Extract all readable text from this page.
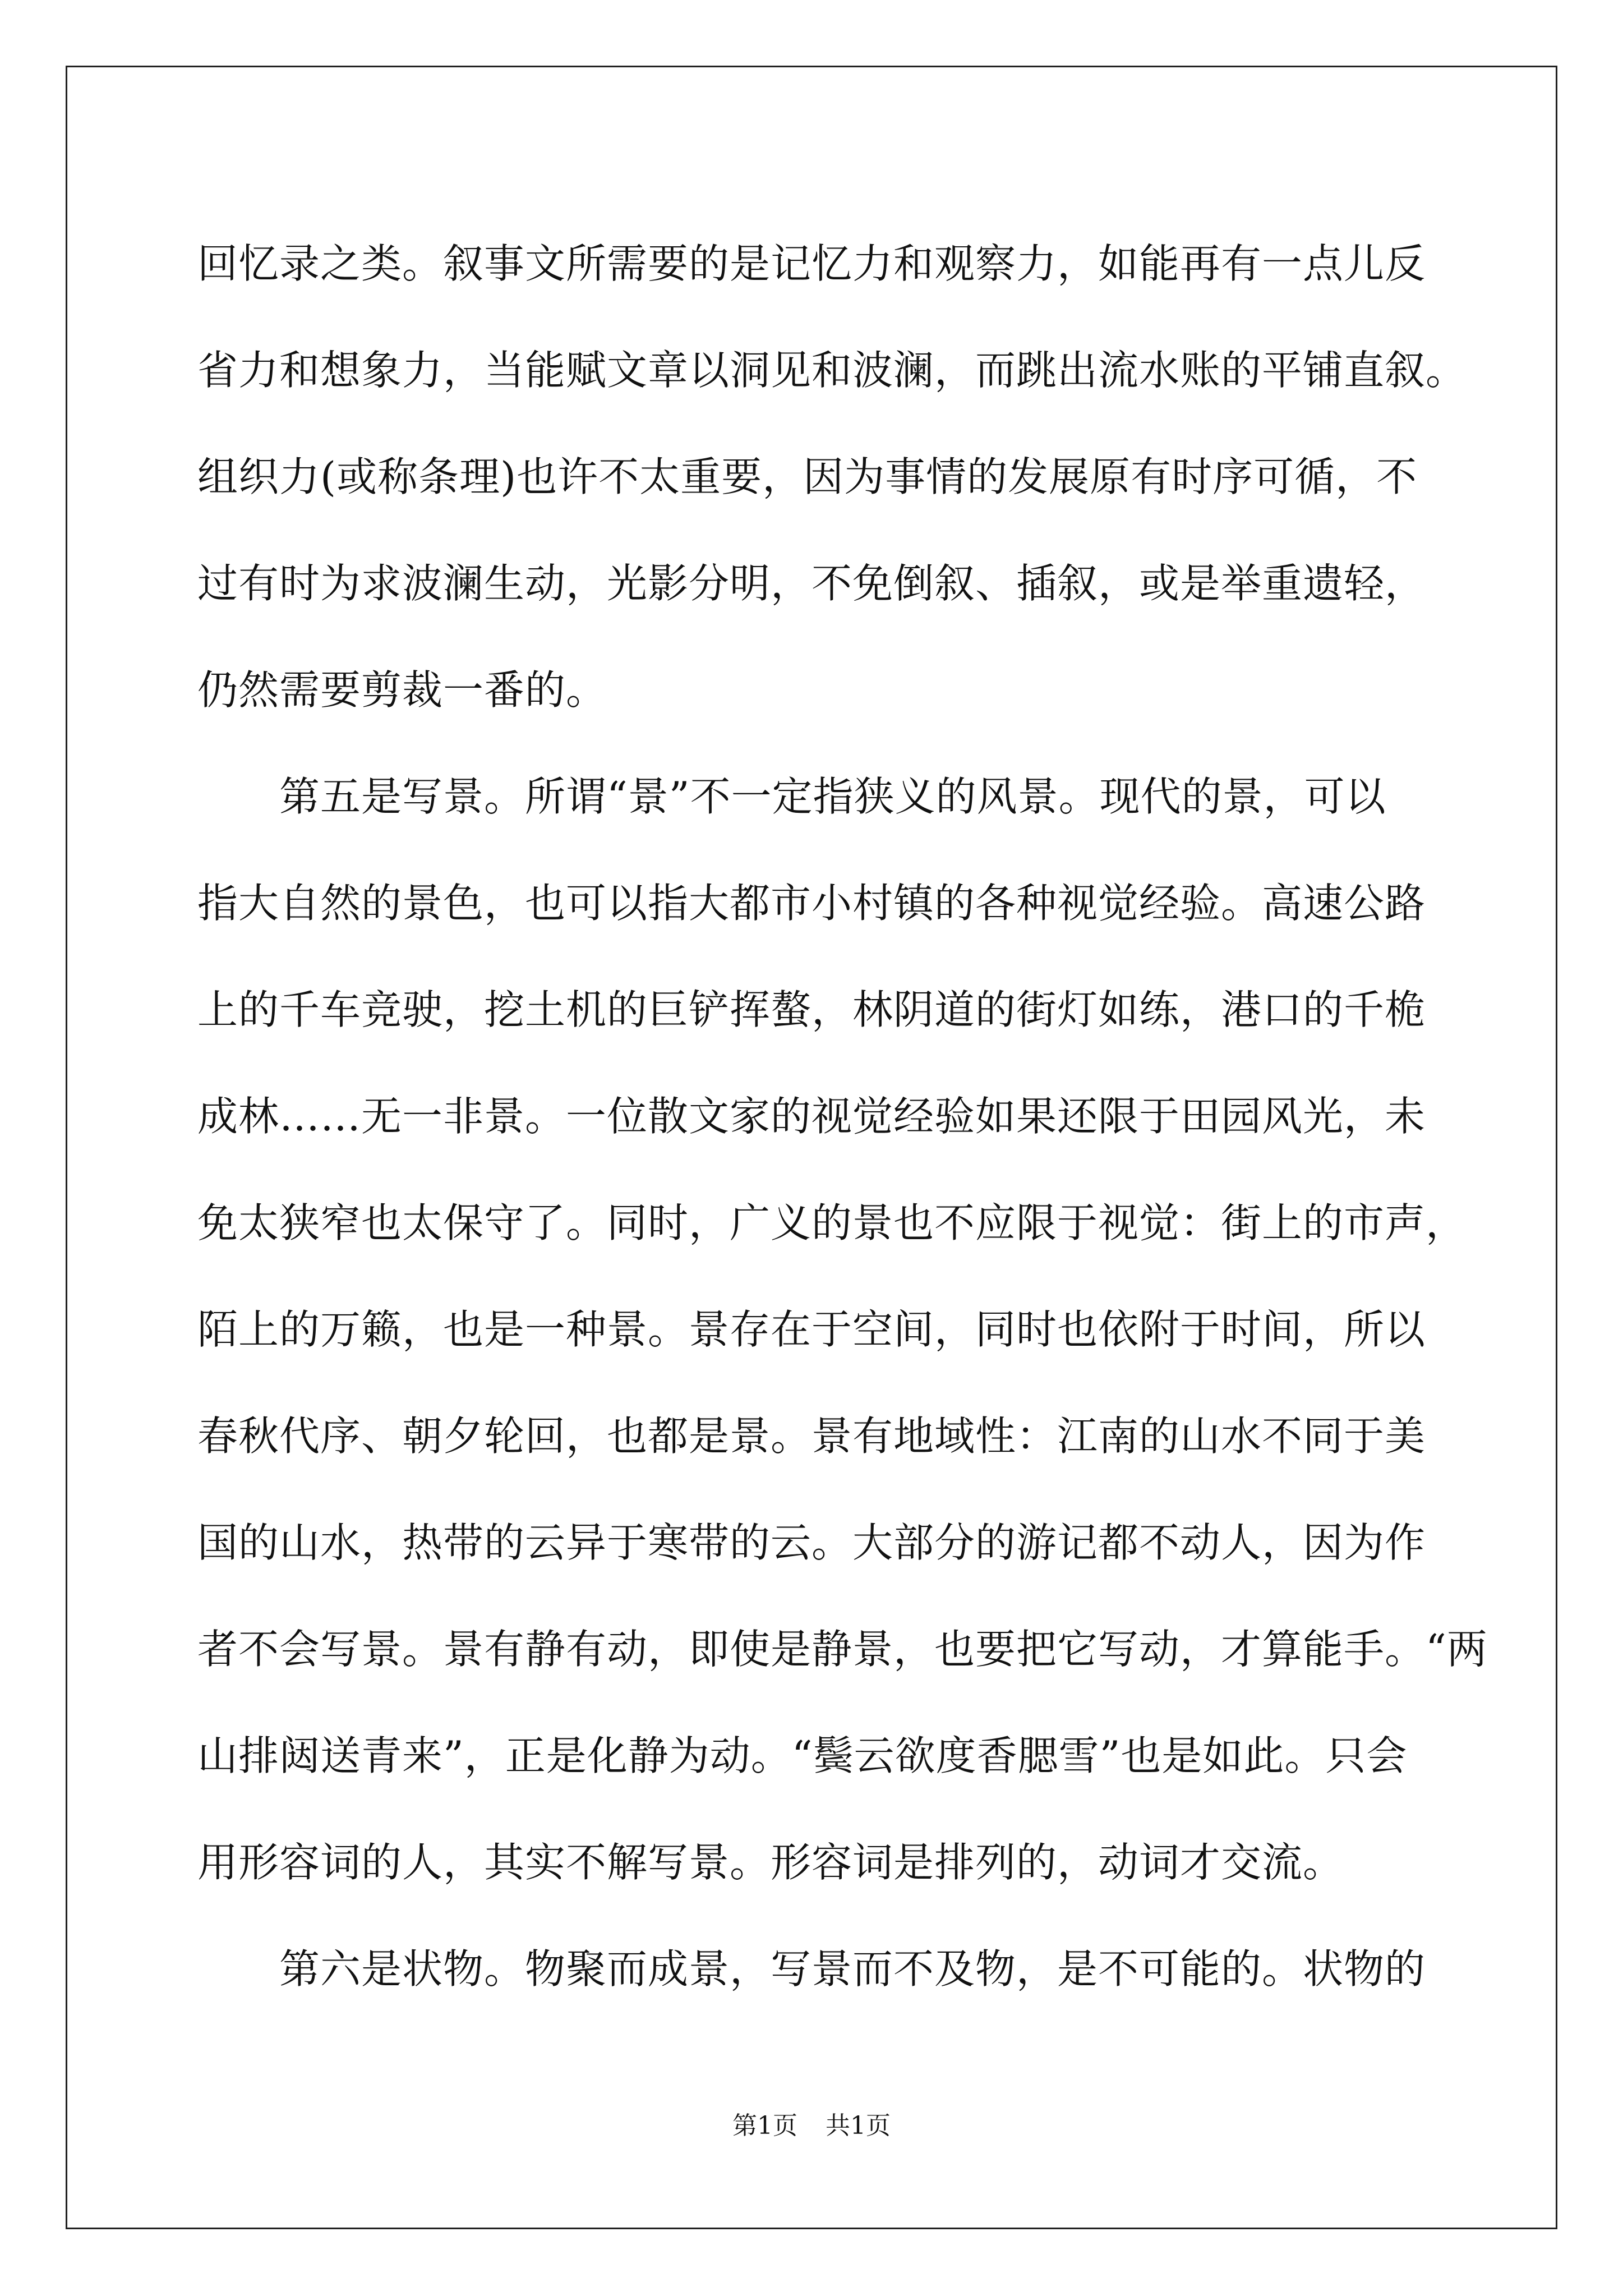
回忆录之类。叙事文所需要的是记忆力和观察力，如能再有一点儿反
省力和想象力，当能赋文章以洞见和波澜，而跳出流水账的平铺直叙。
组织力(或称条理)也许不太重要，因为事情的发展原有时序可循，不
过有时为求波澜生动，光影分明，不免倒叙、插叙，或是举重遗轻，
仍然需要剪裁一番的。
　　第五是写景。所谓“景”不一定指狭义的风景。现代的景，可以
指大自然的景色，也可以指大都市小村镇的各种视觉经验。高速公路
上的千车竞驶，挖土机的巨铲挥螯，林阴道的街灯如练，港口的千桅
成林……无一非景。一位散文家的视觉经验如果还限于田园风光，未
免太狭窄也太保守了。同时，广义的景也不应限于视觉：街上的市声，
陌上的万籁，也是一种景。景存在于空间，同时也依附于时间，所以
春秋代序、朝夕轮回，也都是景。景有地域性：江南的山水不同于美
国的山水，热带的云异于寒带的云。大部分的游记都不动人，因为作
者不会写景。景有静有动，即使是静景，也要把它写动，才算能手。“两
山排闼送青来”，正是化静为动。“鬓云欲度香腮雪”也是如此。只会
用形容词的人，其实不解写景。形容词是排列的，动词才交流。
　　第六是状物。物聚而成景，写景而不及物，是不可能的。状物的
第1页 共1页
